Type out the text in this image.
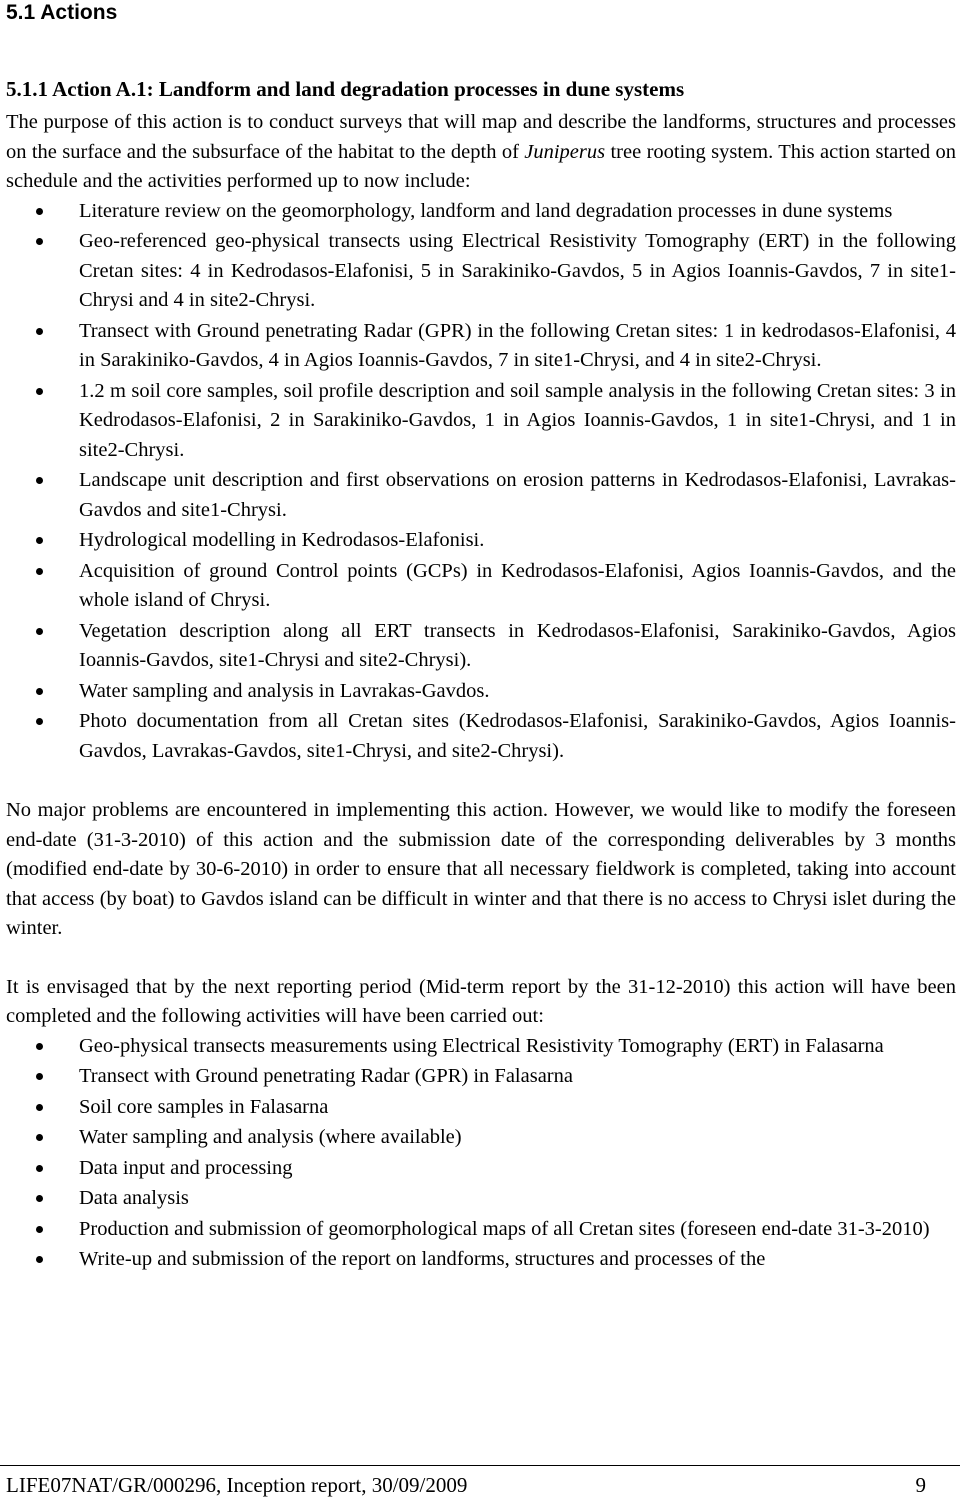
5.1 Actions
5.1.1 Action A.1: Landform and land degradation processes in dune systems

The purpose of this action is to conduct surveys that will map and describe the landforms, structures and processes on the surface and the subsurface of the habitat to the depth of Juniperus tree rooting system. This action started on schedule and the activities performed up to now include:

Literature review on the geomorphology, landform and land degradation processes in dune systems
Geo-referenced geo-physical transects using Electrical Resistivity Tomography (ERT) in the following Cretan sites: 4 in Kedrodasos-Elafonisi, 5 in Sarakiniko-Gavdos, 5 in Agios Ioannis-Gavdos, 7 in site1-Chrysi and 4 in site2-Chrysi.
Transect with Ground penetrating Radar (GPR) in the following Cretan sites: 1 in kedrodasos-Elafonisi, 4 in Sarakiniko-Gavdos, 4 in Agios Ioannis-Gavdos, 7 in site1-Chrysi, and 4 in site2-Chrysi.
1.2 m soil core samples, soil profile description and soil sample analysis in the following Cretan sites: 3 in Kedrodasos-Elafonisi, 2 in Sarakiniko-Gavdos, 1 in Agios Ioannis-Gavdos, 1 in site1-Chrysi, and 1 in site2-Chrysi.
Landscape unit description and first observations on erosion patterns in Kedrodasos-Elafonisi, Lavrakas-Gavdos and site1-Chrysi.
Hydrological modelling in Kedrodasos-Elafonisi.
Acquisition of ground Control points (GCPs) in Kedrodasos-Elafonisi, Agios Ioannis-Gavdos, and the whole island of Chrysi.
Vegetation description along all ERT transects in Kedrodasos-Elafonisi, Sarakiniko-Gavdos, Agios Ioannis-Gavdos, site1-Chrysi and site2-Chrysi).
Water sampling and analysis in Lavrakas-Gavdos.
Photo documentation from all Cretan sites (Kedrodasos-Elafonisi, Sarakiniko-Gavdos, Agios Ioannis-Gavdos, Lavrakas-Gavdos, site1-Chrysi, and site2-Chrysi).

No major problems are encountered in implementing this action. However, we would like to modify the foreseen end-date (31-3-2010) of this action and the submission date of the corresponding deliverables by 3 months (modified end-date by 30-6-2010) in order to ensure that all necessary fieldwork is completed, taking into account that access (by boat) to Gavdos island can be difficult in winter and that there is no access to Chrysi islet during the winter.

It is envisaged that by the next reporting period (Mid-term report by the 31-12-2010) this action will have been completed and the following activities will have been carried out:

Geo-physical transects measurements using Electrical Resistivity Tomography (ERT) in Falasarna
Transect with Ground penetrating Radar (GPR) in Falasarna
Soil core samples in Falasarna
Water sampling and analysis (where available)
Data input and processing
Data analysis
Production and submission of geomorphological maps of all Cretan sites (foreseen end-date 31-3-2010)
Write-up and submission of the report on landforms, structures and processes of the
LIFE07NAT/GR/000296, Inception report, 30/09/2009	9
